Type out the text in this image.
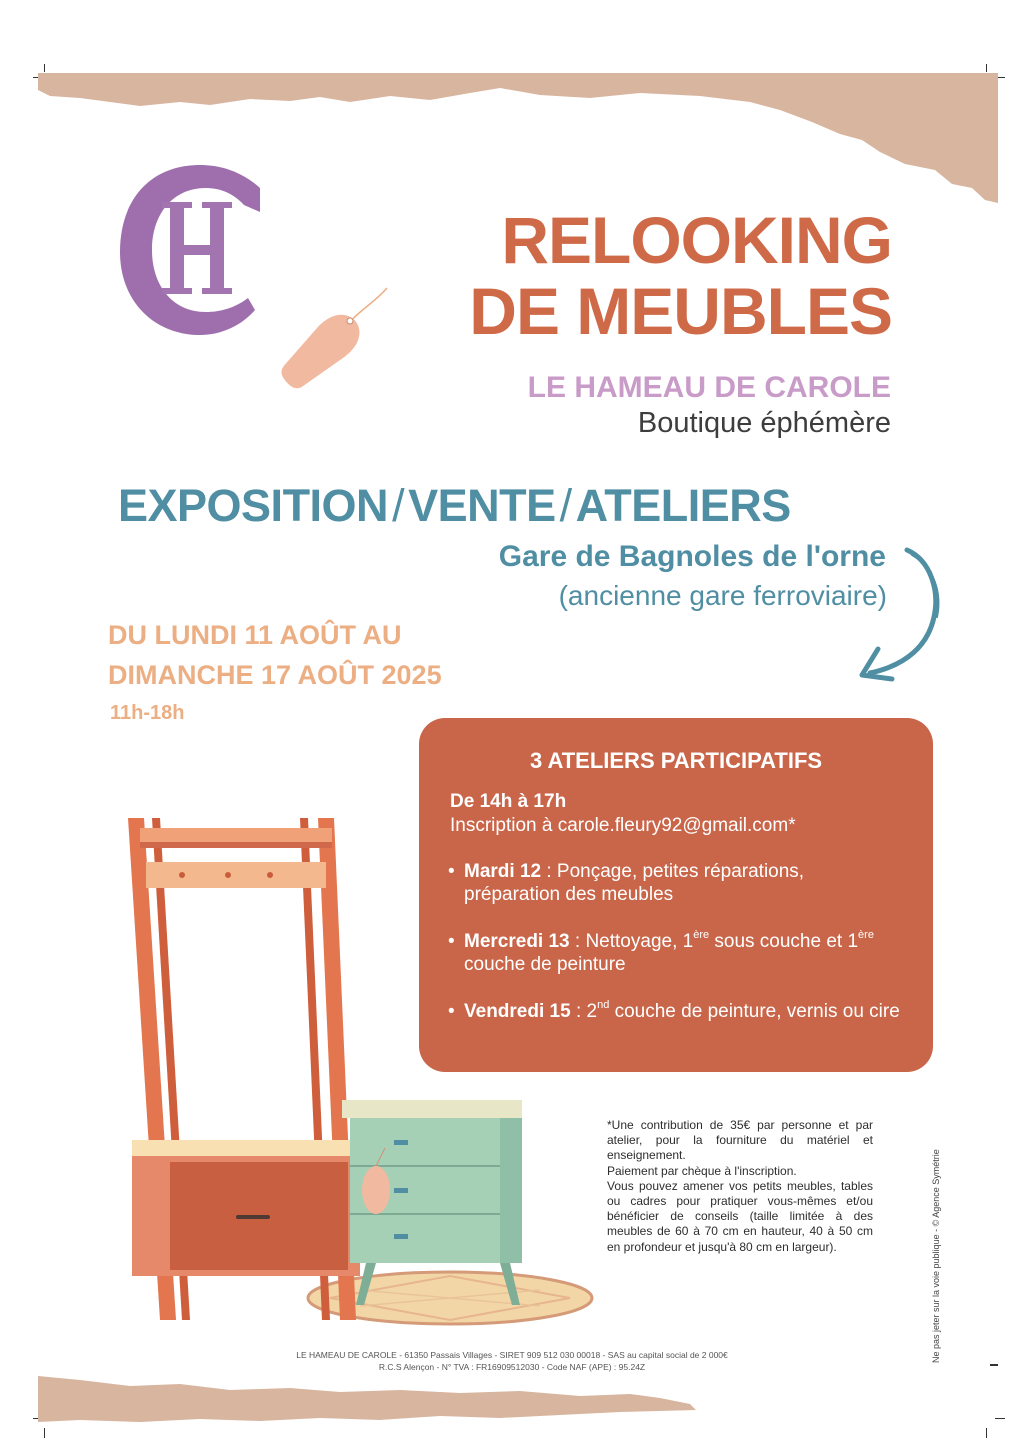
RELOOKING
DE MEUBLES
LE HAMEAU DE CAROLE
Boutique éphémère
EXPOSITION/VENTE/ATELIERS
Gare de Bagnoles de l'orne
(ancienne gare ferroviaire)
DU LUNDI 11 AOÛT AU
DIMANCHE 17 AOÛT 2025
11h-18h
3 ATELIERS PARTICIPATIFS
De 14h à 17h
Inscription à carole.fleury92@gmail.com*
• Mardi 12 : Ponçage, petites réparations, préparation des meubles
• Mercredi 13 : Nettoyage, 1ère sous couche et 1ère couche de peinture
• Vendredi 15 : 2nd couche de peinture, vernis ou cire

*Une contribution de 35€ par personne et par atelier, pour la fourniture du matériel et enseignement.

Paiement par chèque à l'inscription.

Vous pouvez amener vos petits meubles, tables ou cadres pour pratiquer vous-mêmes et/ou bénéficier de conseils (taille limitée à des meubles de 60 à 70 cm en hauteur, 40 à 50 cm en profondeur et jusqu'à 80 cm en largeur).	Ne pas jeter sur la voie publique - © Agence Symétrie
LE HAMEAU DE CAROLE - 61350 Passais Villages - SIRET 909 512 030 00018 - SAS au capital social de 2 000€
R.C.S Alençon - N° TVA : FR16909512030 - Code NAF (APE) : 95.24Z
